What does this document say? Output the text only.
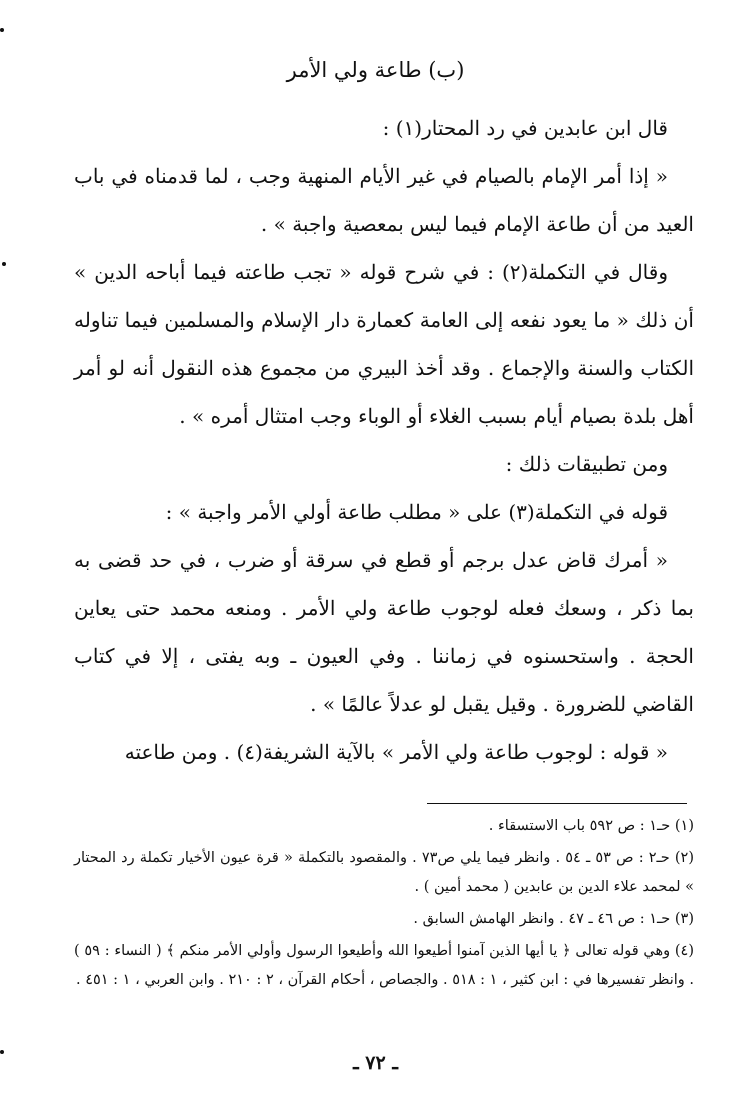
(ب) طاعة ولي الأمر

قال ابن عابدين في رد المحتار(١) :

« إذا أمر الإمام بالصيام في غير الأيام المنهية وجب ، لما قدمناه في باب العيد من أن طاعة الإمام فيما ليس بمعصية واجبة » .

وقال في التكملة(٢) : في شرح قوله « تجب طاعته فيما أباحه الدين » أن ذلك « ما يعود نفعه إلى العامة كعمارة دار الإسلام والمسلمين فيما تناوله الكتاب والسنة والإجماع . وقد أخذ البيري من مجموع هذه النقول أنه لو أمر أهل بلدة بصيام أيام بسبب الغلاء أو الوباء وجب امتثال أمره » .

ومن تطبيقات ذلك :

قوله في التكملة(٣) على « مطلب طاعة أولي الأمر واجبة » :

« أمرك قاض عدل برجم أو قطع في سرقة أو ضرب ، في حد قضى به بما ذكر ، وسعك فعله لوجوب طاعة ولي الأمر . ومنعه محمد حتى يعاين الحجة . واستحسنوه في زماننا . وفي العيون ـ وبه يفتى ، إلا في كتاب القاضي للضرورة . وقيل يقبل لو عدلاً عالمًا » .

« قوله : لوجوب طاعة ولي الأمر » بالآية الشريفة(٤) . ومن طاعته

(١) حـ١ : ص ٥٩٢ باب الاستسقاء .

(٢) حـ٢ : ص ٥٣ ـ ٥٤ . وانظر فيما يلي ص٧٣ . والمقصود بالتكملة « قرة عيون الأخيار تكملة رد المحتار » لمحمد علاء الدين بن عابدين ( محمد أمين ) .

(٣) حـ١ : ص ٤٦ ـ ٤٧ . وانظر الهامش السابق .

(٤) وهي قوله تعالى ﴿ يا أيها الذين آمنوا أطيعوا الله وأطيعوا الرسول وأولي الأمر منكم ﴾ ( النساء : ٥٩ ) . وانظر تفسيرها في : ابن كثير ، ١ : ٥١٨ . والجصاص ، أحكام القرآن ، ٢ : ٢١٠ . وابن العربي ، ١ : ٤٥١ .

ـ ٧٢ ـ
